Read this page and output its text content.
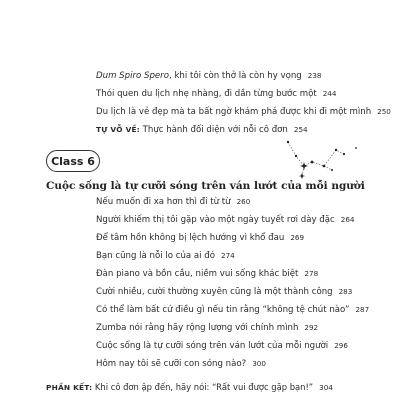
Dum Spiro Spero, khi tôi còn thở là còn hy vọng 238
Thói quen du lịch nhẹ nhàng, đi dần từng bước một 244
Du lịch là vẻ đẹp mà ta bất ngờ khám phá được khi đi một mình 250
TỰ VỖ VỀ: Thực hành đối diện với nỗi cô đơn 254
Class 6
Cuộc sống là tự cưỡi sóng trên ván lướt của mỗi người
Nếu muốn đi xa hơn thì đi từ từ 260
Người khiếm thị tôi gặp vào một ngày tuyết rơi dày đặc 264
Để tâm hồn không bị lệch hướng vì khổ đau 269
Bạn cũng là nỗi lo của ai đó 274
Đàn piano và bồn cầu, niềm vui sống khác biệt 278
Cười nhiều, cười thường xuyên cũng là một thành công 283
Có thể làm bất cứ điều gì nếu tin rằng “không tệ chút nào” 287
Zumba nói rằng hãy rộng lượng với chính mình 292
Cuộc sống là tự cưỡi sóng trên ván lướt của mỗi người 296
Hôm nay tôi sẽ cưỡi con sóng nào? 300
PHẦN KẾT: Khi cô đơn ập đến, hãy nói: “Rất vui được gặp bạn!” 304
